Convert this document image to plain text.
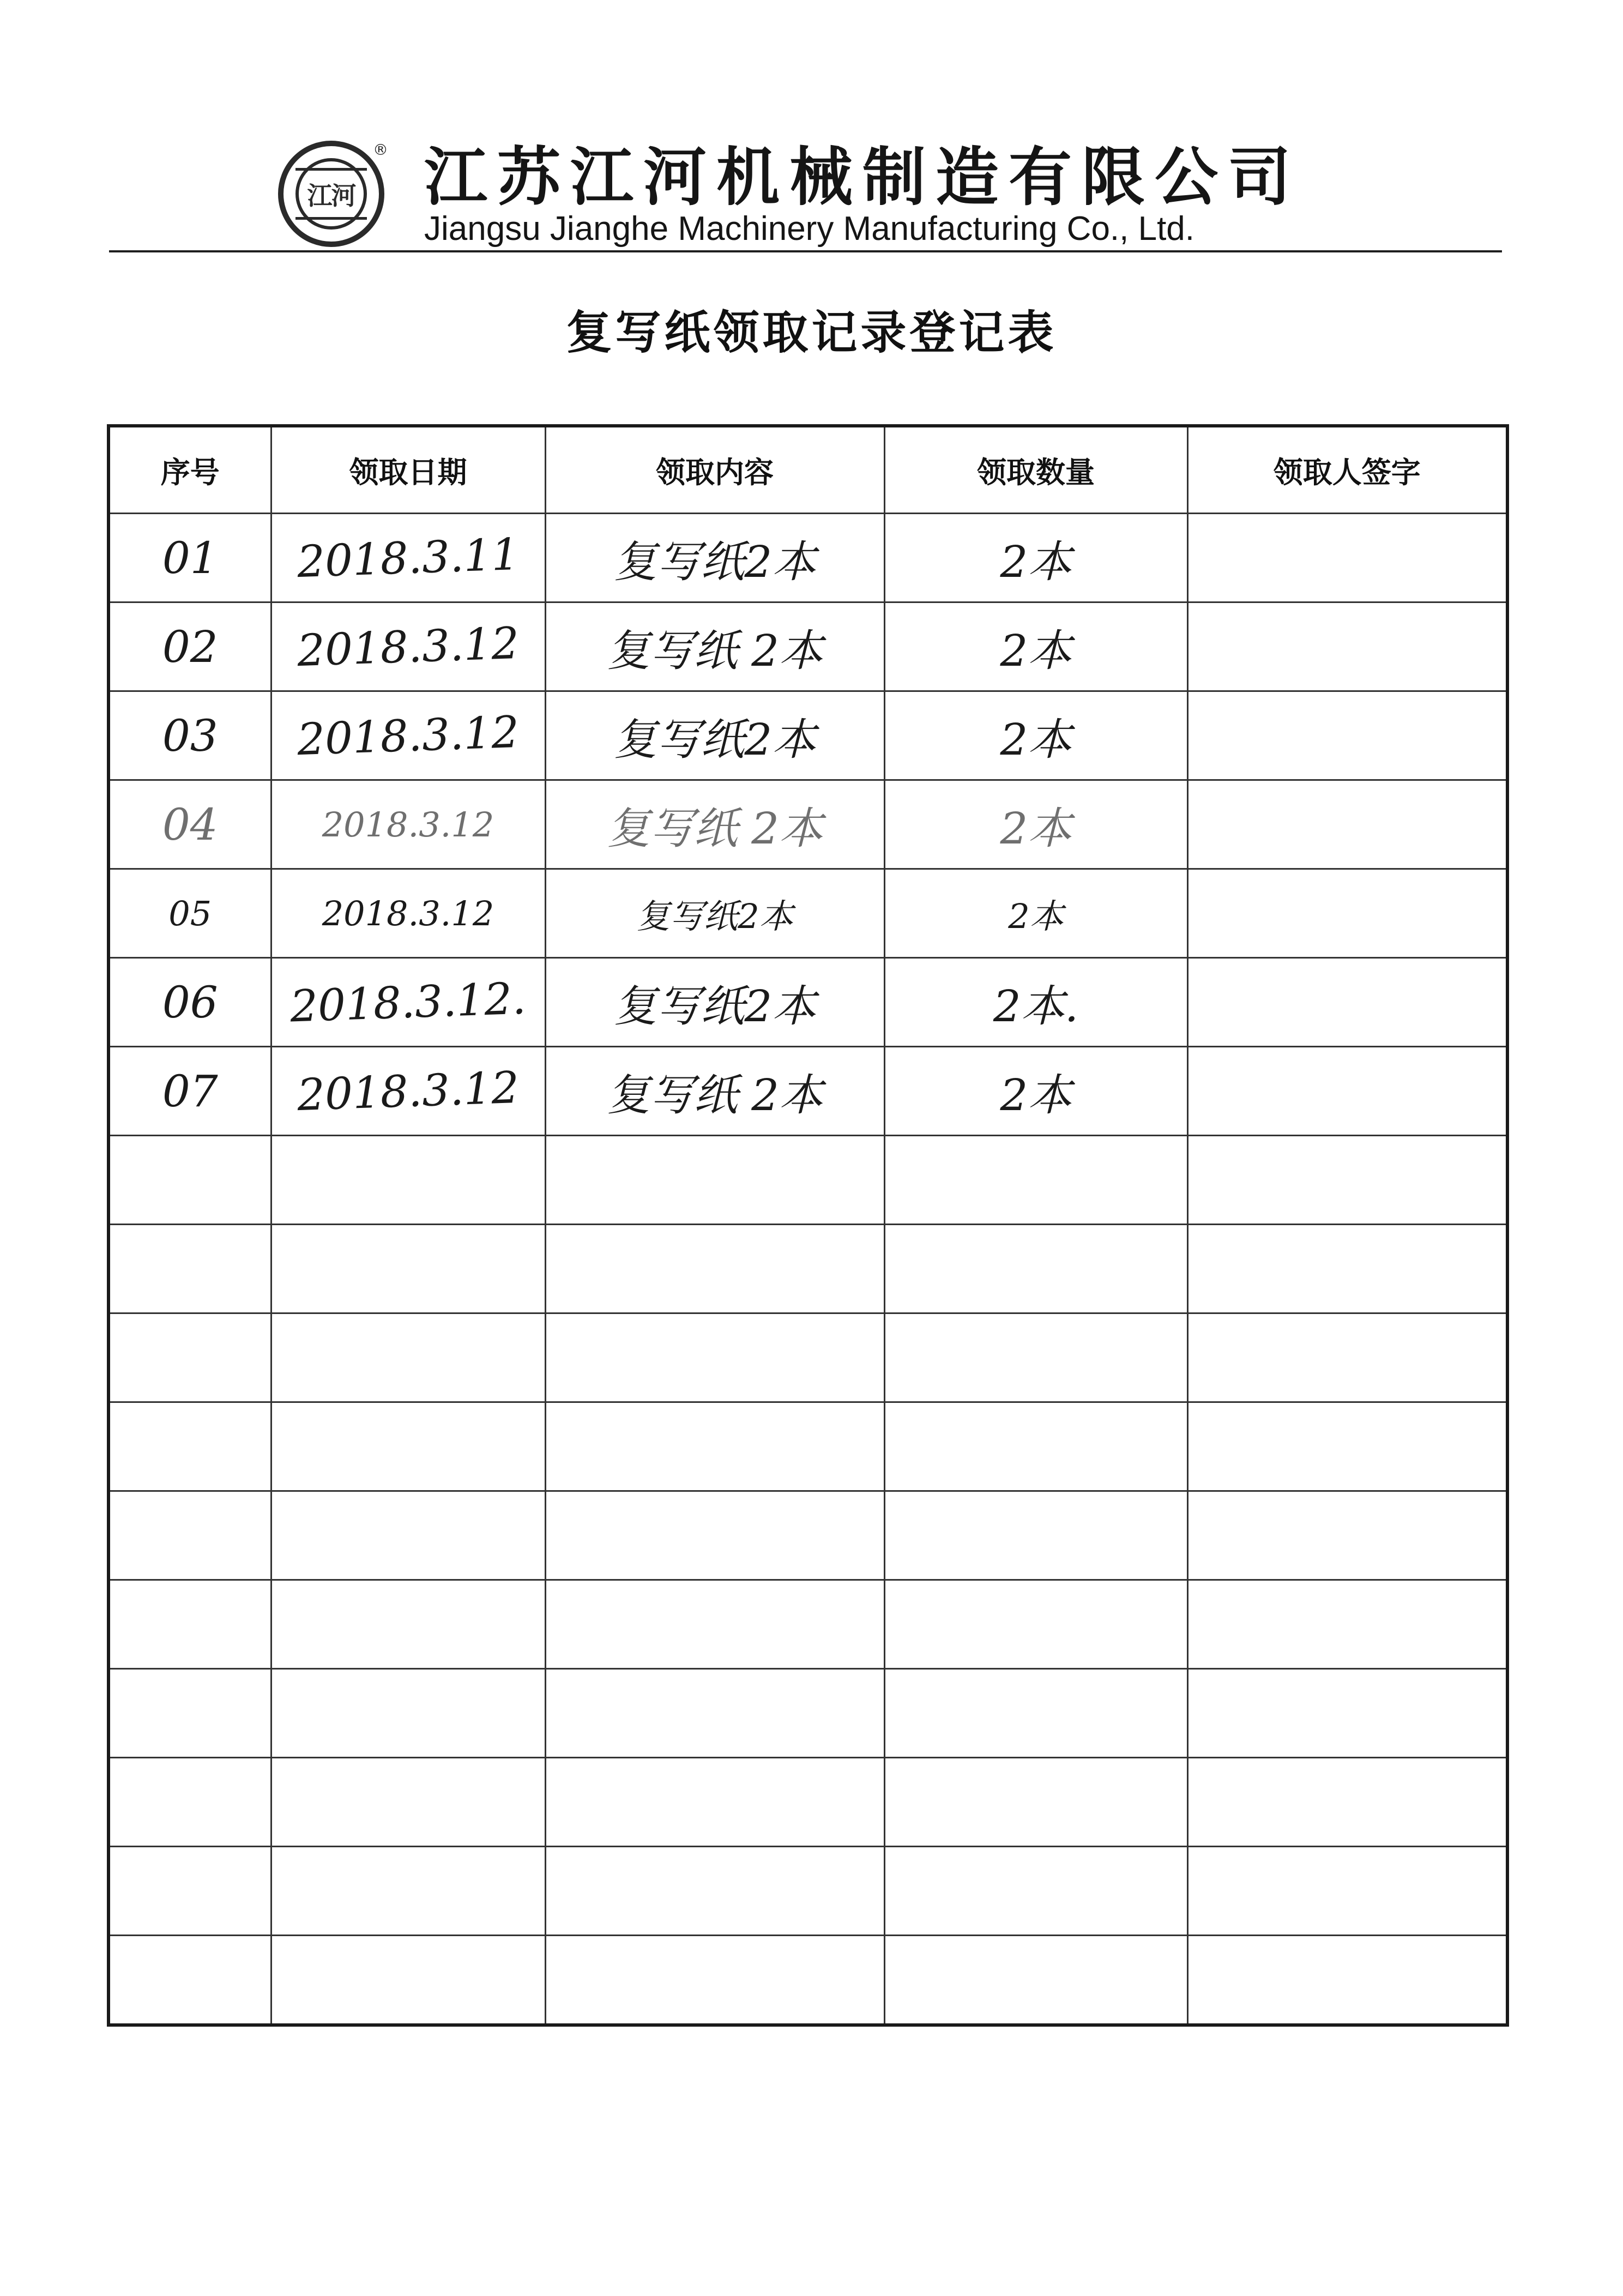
江河
® 江苏江河机械制造有限公司
Jiangsu Jianghe Machinery Manufacturing Co., Ltd.
复写纸领取记录登记表
序号	领取日期	领取内容	领取数量	领取人签字
01	2018.3.11	复写纸2本	2本	
02	2018.3.12	复写纸 2本	2本	
03	2018.3.12	复写纸2本	2本	
04	2018.3.12	复写纸 2本	2本	
05	2018.3.12	复写纸2本	2本	
06	2018.3.12.	复写纸2本	2本.	
07	2018.3.12	复写纸 2本	2本	
